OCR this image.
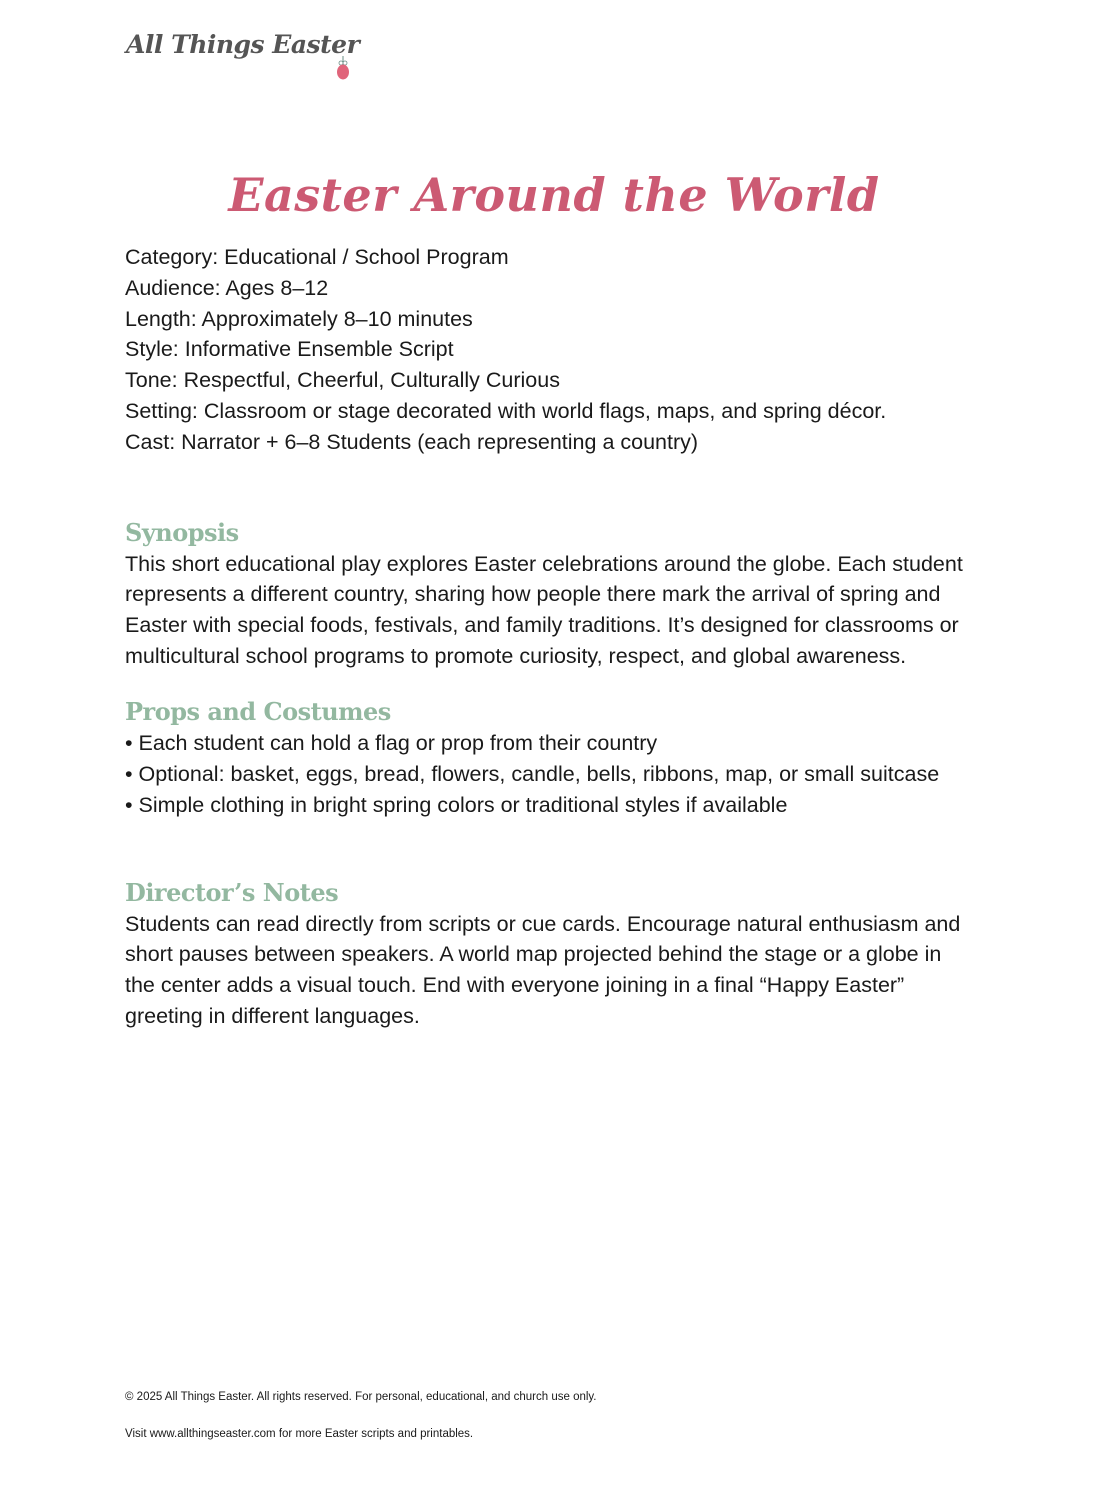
All Things Easter
Easter Around the World

Category: Educational / School Program

Audience: Ages 8–12

Length: Approximately 8–10 minutes

Style: Informative Ensemble Script

Tone: Respectful, Cheerful, Culturally Curious

Setting: Classroom or stage decorated with world flags, maps, and spring décor.

Cast: Narrator + 6–8 Students (each representing a country)

Synopsis

This short educational play explores Easter celebrations around the globe. Each student represents a different country, sharing how people there mark the arrival of spring and Easter with special foods, festivals, and family traditions. It’s designed for classrooms or multicultural school programs to promote curiosity, respect, and global awareness.

Props and Costumes

• Each student can hold a flag or prop from their country

• Optional: basket, eggs, bread, flowers, candle, bells, ribbons, map, or small suitcase

• Simple clothing in bright spring colors or traditional styles if available

Director’s Notes

Students can read directly from scripts or cue cards. Encourage natural enthusiasm and short pauses between speakers. A world map projected behind the stage or a globe in the center adds a visual touch. End with everyone joining in a final “Happy Easter” greeting in different languages.

© 2025 All Things Easter. All rights reserved. For personal, educational, and church use only.
Visit www.allthingseaster.com for more Easter scripts and printables.
